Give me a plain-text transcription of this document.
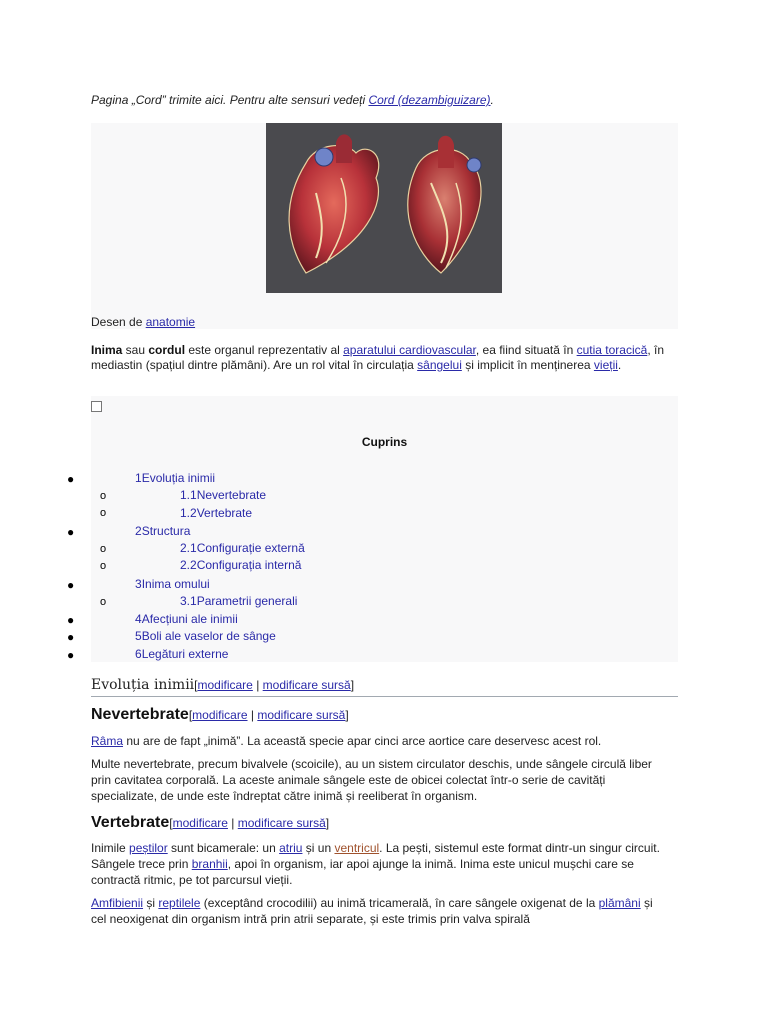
Pagina „Cord” trimite aici. Pentru alte sensuri vedeți Cord (dezambiguizare).
Desen de anatomie
Inima sau cordul este organul reprezentativ al aparatului cardiovascular, ea fiind situată în cutia toracică, în mediastin (spațiul dintre plămâni). Are un rol vital în circulația sângelui și implicit în menținerea vieții.
Cuprins
●	1Evoluția inimii
o	1.1Nevertebrate
o	1.2Vertebrate
●	2Structura
o	2.1Configurație externă
o	2.2Configurația internă
●	3Inima omului
o	3.1Parametrii generali
●	4Afecțiuni ale inimii
●	5Boli ale vaselor de sânge
●	6Legături externe
Evoluția inimii[modificare | modificare sursă]
Nevertebrate[modificare | modificare sursă]
Râma nu are de fapt „inimă”. La această specie apar cinci arce aortice care deservesc acest rol.
Multe nevertebrate, precum bivalvele (scoicile), au un sistem circulator deschis, unde sângele circulă liber prin cavitatea corporală. La aceste animale sângele este de obicei colectat într-o serie de cavități specializate, de unde este îndreptat către inimă și reeliberat în organism.
Vertebrate[modificare | modificare sursă]
Inimile peștilor sunt bicamerale: un atriu și un ventricul. La pești, sistemul este format dintr-un singur circuit. Sângele trece prin branhii, apoi în organism, iar apoi ajunge la inimă. Inima este unicul mușchi care se contractă ritmic, pe tot parcursul vieții.
Amfibienii și reptilele (exceptând crocodilii) au inimă tricamerală, în care sângele oxigenat de la plămâni și cel neoxigenat din organism intră prin atrii separate, și este trimis prin valva spirală
